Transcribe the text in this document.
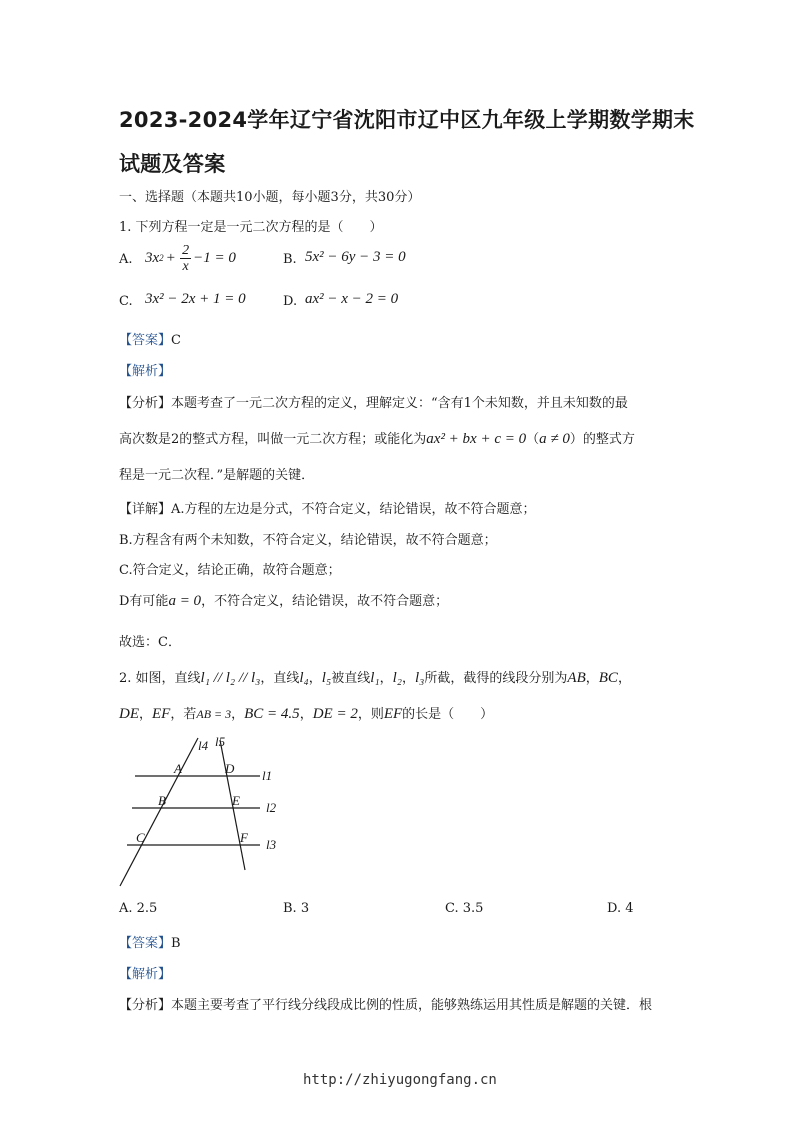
2023-2024学年辽宁省沈阳市辽中区九年级上学期数学期末
试题及答案
一、选择题（本题共10小题，每小题3分，共30分）
1. 下列方程一定是一元二次方程的是（　　）
A. 3x $2 + \frac{2}{x} -1 = 0$	B. 5x² − 6y − 3 = 0
C. 3x² − 2x + 1 = 0	D. ax² − x − 2 = 0
【答案】C
【解析】
【分析】本题考查了一元二次方程的定义，理解定义：“含有1个未知数，并且未知数的最
高次数是2的整式方程，叫做一元二次方程；或能化为ax² + bx + c = 0（a ≠ 0）的整式方
程是一元二次程．”是解题的关键．
【详解】A.方程的左边是分式，不符合定义，结论错误，故不符合题意；
B.方程含有两个未知数，不符合定义，结论错误，故不符合题意；
C.符合定义，结论正确，故符合题意；
D有可能a = 0，不符合定义，结论错误，故不符合题意；
故选：C．
2. 如图，直线l₁ // l₂ // l₃，直线l₄，l₅被直线l₁，l₂，l₃所截，截得的线段分别为AB，BC，
DE，EF，若AB = 3，BC = 4.5，DE = 2，则EF的长是（　　）
l4 l5
l1
l2
l3
A
B
C
D
E
F
A. 2.5	B. 3	C. 3.5	D. 4
【答案】B
【解析】
【分析】本题主要考查了平行线分线段成比例的性质，能够熟练运用其性质是解题的关键．根
http://zhiyugongfang.cn
